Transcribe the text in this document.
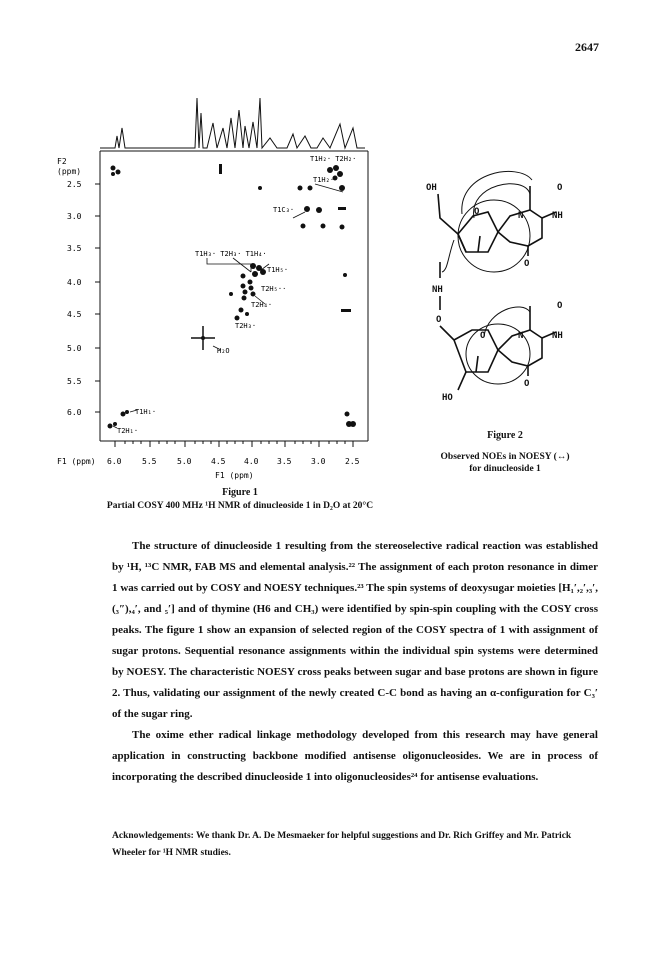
2647
F2
(ppm)
2.5
3.0
3.5
4.0
4.5
5.0
5.5
6.0
F1 (ppm) 6.0	5.5	5.0 4.5 4.0 3.5 3.0 2.5
F1 (ppm)
T1H₂· T2H₂·
T1H₂·
T1C₃·
T1H₃· T2H₃· T1H₄·
T1H₅·
T2H₅··
T2H₄·
T2H₃·
H₂O
T1H₁·
T2H₁·
Figure 1
Partial COSY 400 MHz ¹H NMR of dinucleoside 1 in D₂O at 20°C
OH
O	N	NH
O
O
NH
O
O	N	NH
O
O
HO
Figure 2
Observed NOEs in NOESY (↔)
for dinucleoside 1

The structure of dinucleoside 1 resulting from the stereoselective radical reaction was established by ¹H, ¹³C NMR, FAB MS and elemental analysis.²² The assignment of each proton resonance in dimer 1 was carried out by COSY and NOESY techniques.²³ The spin systems of deoxysugar moieties [H₁′,₂′,₃′,(₃″),₄′, and ₅′] and of thymine (H6 and CH₃) were identified by spin-spin coupling with the COSY cross peaks. The figure 1 show an expansion of selected region of the COSY spectra of 1 with assignment of sugar protons. Sequential resonance assignments within the individual spin systems were determined by NOESY. The characteristic NOESY cross peaks between sugar and base protons are shown in figure 2. Thus, validating our assignment of the newly created C-C bond as having an α-configuration for C₃′ of the sugar ring.

The oxime ether radical linkage methodology developed from this research may have general application in constructing backbone modified antisense oligonucleosides. We are in process of incorporating the described dinucleoside 1 into oligonucleosides²⁴ for antisense evaluations.

Acknowledgements: We thank Dr. A. De Mesmaeker for helpful suggestions and Dr. Rich Griffey and Mr. Patrick Wheeler for ¹H NMR studies.
